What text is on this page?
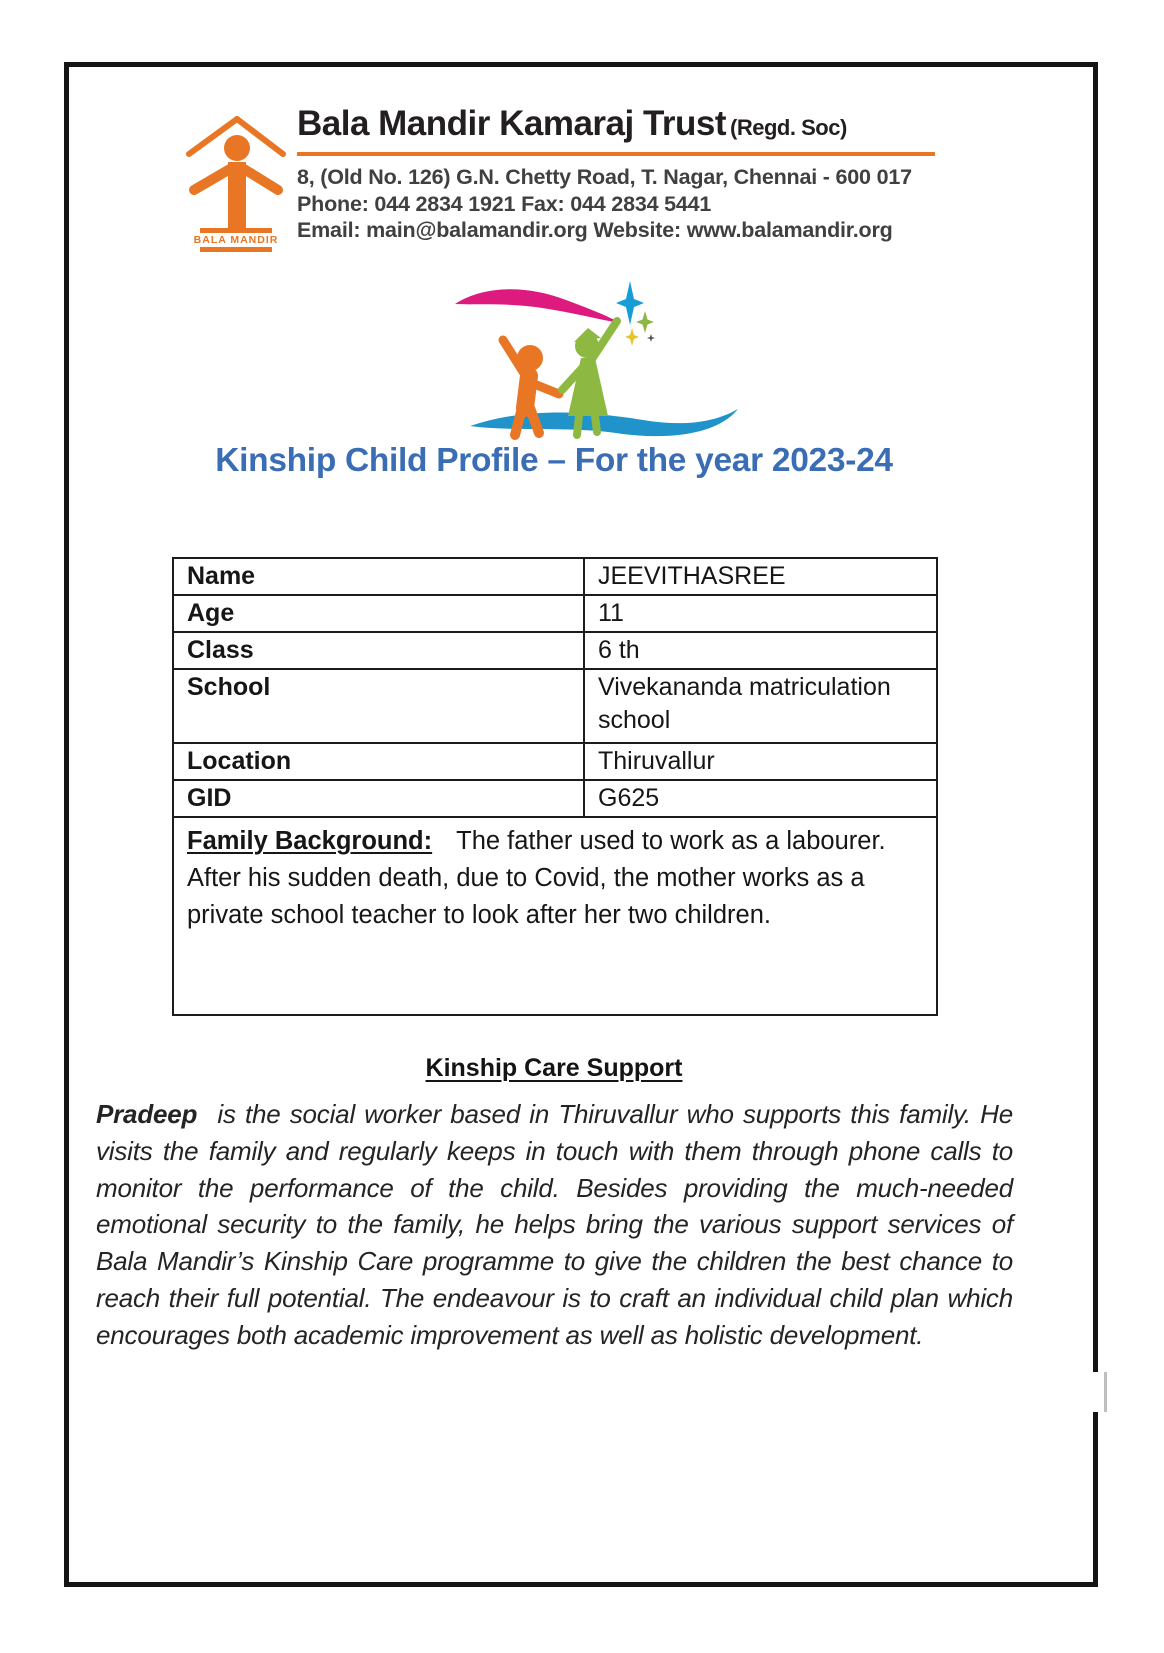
BALA MANDIR
Bala Mandir Kamaraj Trust (Regd. Soc)
8, (Old No. 126) G.N. Chetty Road, T. Nagar, Chennai - 600 017
Phone: 044 2834 1921 Fax: 044 2834 5441
Email: main@balamandir.org Website: www.balamandir.org
Kinship Child Profile – For the year 2023-24
Name	JEEVITHASREE
Age	11
Class	6 th
School	Vivekananda matriculation school
Location	Thiruvallur
GID	G625
Family Background: The father used to work as a labourer. After his sudden death, due to Covid, the mother works as a private school teacher to look after her two children.	
Kinship Care Support

Pradeep is the social worker based in Thiruvallur who supports this family. He visits the family and regularly keeps in touch with them through phone calls to monitor the performance of the child. Besides providing the much-needed emotional security to the family, he helps bring the various support services of Bala Mandir’s Kinship Care programme to give the children the best chance to reach their full potential. The endeavour is to craft an individual child plan which encourages both academic improvement as well as holistic development.
